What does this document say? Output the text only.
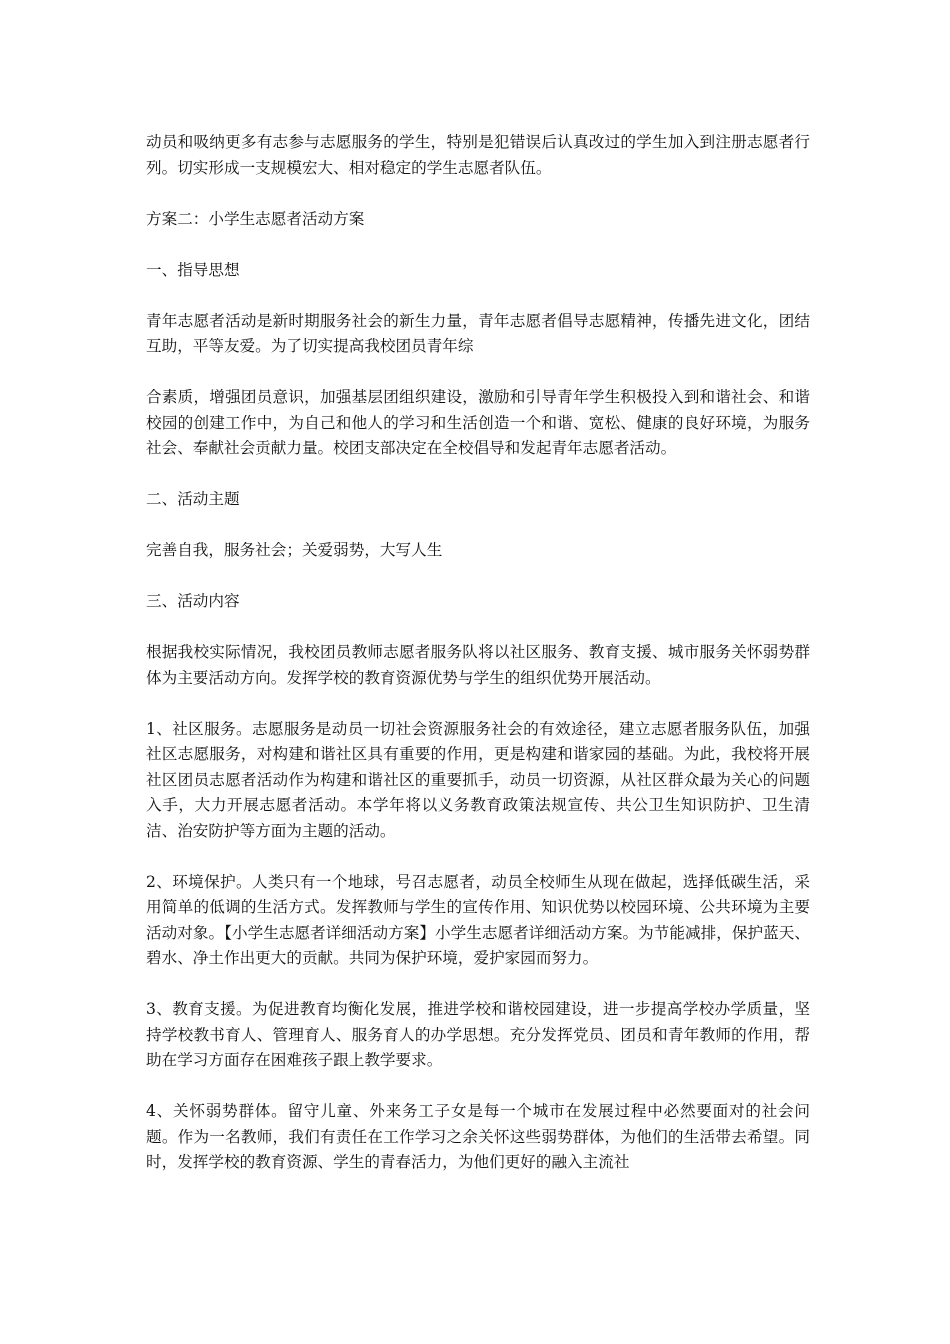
动员和吸纳更多有志参与志愿服务的学生，特别是犯错误后认真改过的学生加入到注册志愿者行列。切实形成一支规模宏大、相对稳定的学生志愿者队伍。

方案二：小学生志愿者活动方案

一、指导思想

青年志愿者活动是新时期服务社会的新生力量，青年志愿者倡导志愿精神，传播先进文化，团结互助，平等友爱。为了切实提高我校团员青年综

合素质，增强团员意识，加强基层团组织建设，激励和引导青年学生积极投入到和谐社会、和谐校园的创建工作中，为自己和他人的学习和生活创造一个和谐、宽松、健康的良好环境，为服务社会、奉献社会贡献力量。校团支部决定在全校倡导和发起青年志愿者活动。

二、活动主题

完善自我，服务社会；关爱弱势，大写人生

三、活动内容

根据我校实际情况，我校团员教师志愿者服务队将以社区服务、教育支援、城市服务关怀弱势群体为主要活动方向。发挥学校的教育资源优势与学生的组织优势开展活动。

1、社区服务。志愿服务是动员一切社会资源服务社会的有效途径，建立志愿者服务队伍，加强社区志愿服务，对构建和谐社区具有重要的作用，更是构建和谐家园的基础。为此，我校将开展社区团员志愿者活动作为构建和谐社区的重要抓手，动员一切资源，从社区群众最为关心的问题入手，大力开展志愿者活动。本学年将以义务教育政策法规宣传、共公卫生知识防护、卫生清洁、治安防护等方面为主题的活动。

2、环境保护。人类只有一个地球，号召志愿者，动员全校师生从现在做起，选择低碳生活，采用简单的低调的生活方式。发挥教师与学生的宣传作用、知识优势以校园环境、公共环境为主要活动对象。【小学生志愿者详细活动方案】小学生志愿者详细活动方案。为节能减排，保护蓝天、碧水、净土作出更大的贡献。共同为保护环境，爱护家园而努力。

3、教育支援。为促进教育均衡化发展，推进学校和谐校园建设，进一步提高学校办学质量，坚持学校教书育人、管理育人、服务育人的办学思想。充分发挥党员、团员和青年教师的作用，帮助在学习方面存在困难孩子跟上教学要求。

4、关怀弱势群体。留守儿童、外来务工子女是每一个城市在发展过程中必然要面对的社会问题。作为一名教师，我们有责任在工作学习之余关怀这些弱势群体，为他们的生活带去希望。同时，发挥学校的教育资源、学生的青春活力，为他们更好的融入主流社
